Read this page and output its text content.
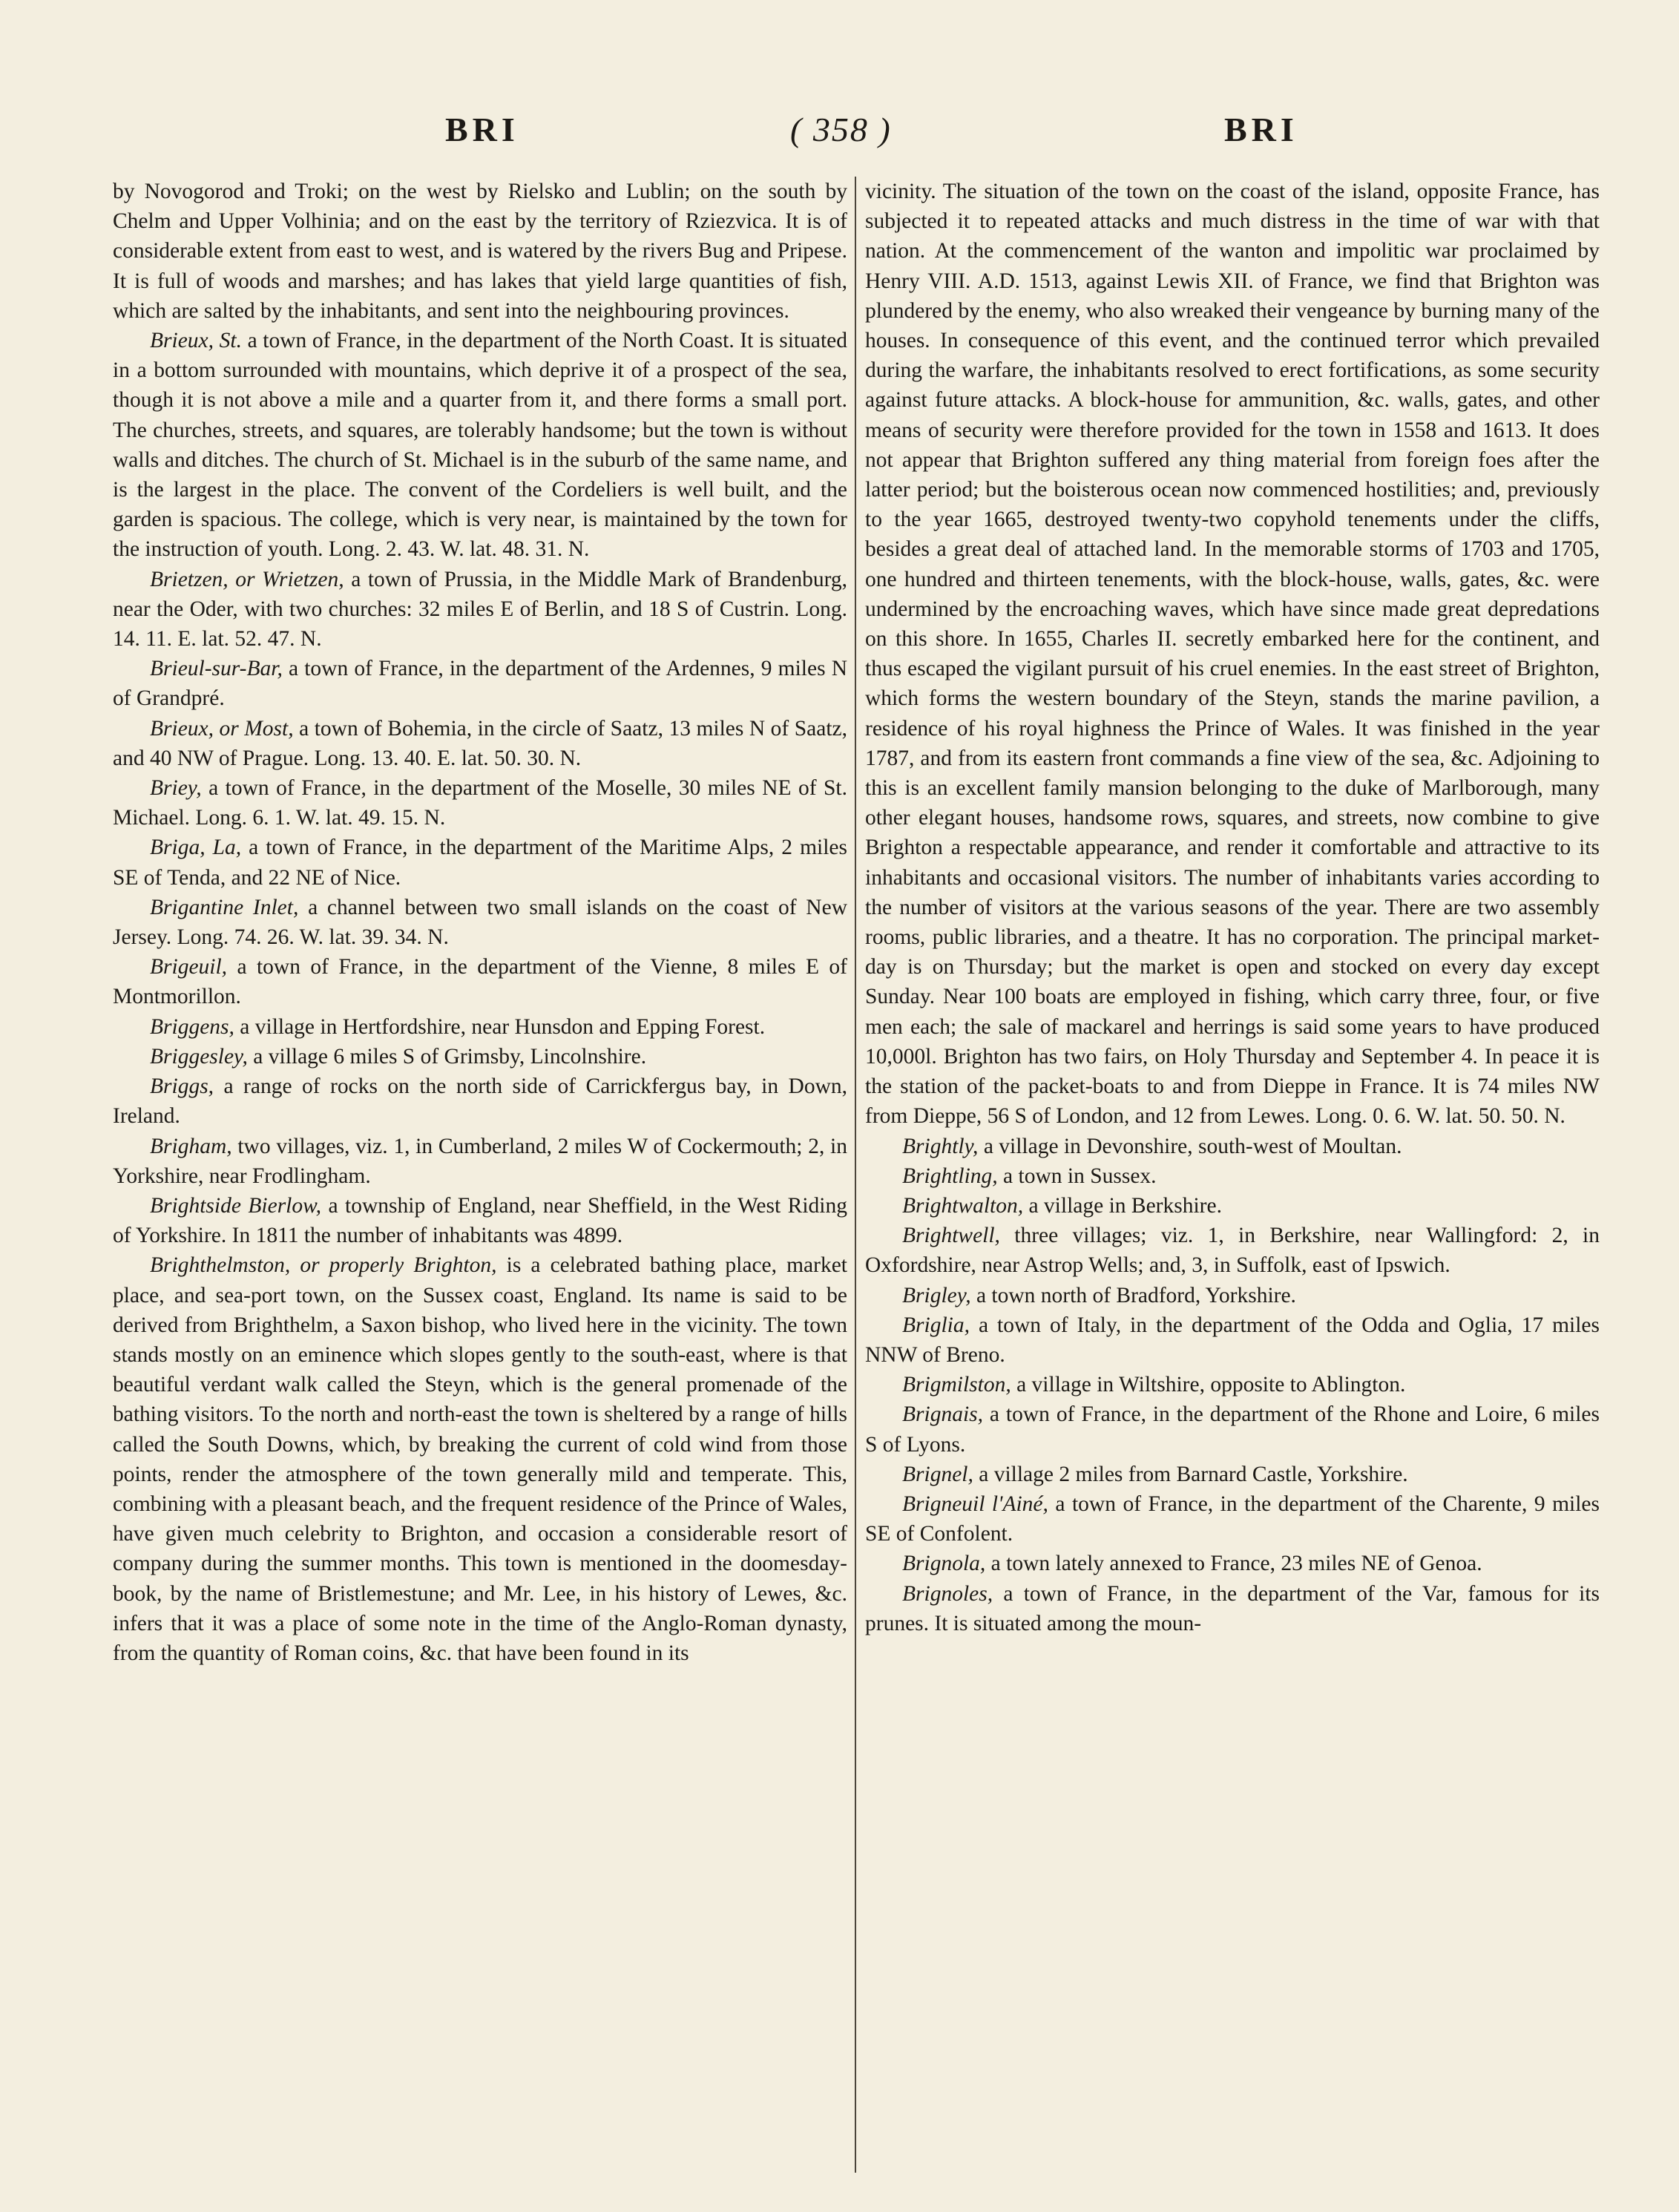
BRI	( 358 )	BRI

by Novogorod and Troki; on the west by Rielsko and Lublin; on the south by Chelm and Upper Volhinia; and on the east by the territory of Rziezvica. It is of considerable extent from east to west, and is watered by the rivers Bug and Pripese. It is full of woods and marshes; and has lakes that yield large quantities of fish, which are salted by the inhabitants, and sent into the neighbouring provinces.

Brieux, St. a town of France, in the department of the North Coast. It is situated in a bottom surrounded with mountains, which deprive it of a prospect of the sea, though it is not above a mile and a quarter from it, and there forms a small port. The churches, streets, and squares, are tolerably handsome; but the town is without walls and ditches. The church of St. Michael is in the suburb of the same name, and is the largest in the place. The convent of the Cordeliers is well built, and the garden is spacious. The college, which is very near, is maintained by the town for the instruction of youth. Long. 2. 43. W. lat. 48. 31. N.

Brietzen, or Wrietzen, a town of Prussia, in the Middle Mark of Brandenburg, near the Oder, with two churches: 32 miles E of Berlin, and 18 S of Custrin. Long. 14. 11. E. lat. 52. 47. N.

Brieul-sur-Bar, a town of France, in the department of the Ardennes, 9 miles N of Grandpré.

Brieux, or Most, a town of Bohemia, in the circle of Saatz, 13 miles N of Saatz, and 40 NW of Prague. Long. 13. 40. E. lat. 50. 30. N.

Briey, a town of France, in the department of the Moselle, 30 miles NE of St. Michael. Long. 6. 1. W. lat. 49. 15. N.

Briga, La, a town of France, in the department of the Maritime Alps, 2 miles SE of Tenda, and 22 NE of Nice.

Brigantine Inlet, a channel between two small islands on the coast of New Jersey. Long. 74. 26. W. lat. 39. 34. N.

Brigeuil, a town of France, in the department of the Vienne, 8 miles E of Montmorillon.

Briggens, a village in Hertfordshire, near Hunsdon and Epping Forest.

Briggesley, a village 6 miles S of Grimsby, Lincolnshire.

Briggs, a range of rocks on the north side of Carrickfergus bay, in Down, Ireland.

Brigham, two villages, viz. 1, in Cumberland, 2 miles W of Cockermouth; 2, in Yorkshire, near Frodlingham.

Brightside Bierlow, a township of England, near Sheffield, in the West Riding of Yorkshire. In 1811 the number of inhabitants was 4899.

Brighthelmston, or properly Brighton, is a celebrated bathing place, market place, and sea-port town, on the Sussex coast, England. Its name is said to be derived from Brighthelm, a Saxon bishop, who lived here in the vicinity. The town stands mostly on an eminence which slopes gently to the south-east, where is that beautiful verdant walk called the Steyn, which is the general promenade of the bathing visitors. To the north and north-east the town is sheltered by a range of hills called the South Downs, which, by breaking the current of cold wind from those points, render the atmosphere of the town generally mild and temperate. This, combining with a pleasant beach, and the frequent residence of the Prince of Wales, have given much celebrity to Brighton, and occasion a considerable resort of company during the summer months. This town is mentioned in the doomesday-book, by the name of Bristlemestune; and Mr. Lee, in his history of Lewes, &c. infers that it was a place of some note in the time of the Anglo-Roman dynasty, from the quantity of Roman coins, &c. that have been found in its

vicinity. The situation of the town on the coast of the island, opposite France, has subjected it to repeated attacks and much distress in the time of war with that nation. At the commencement of the wanton and impolitic war proclaimed by Henry VIII. A.D. 1513, against Lewis XII. of France, we find that Brighton was plundered by the enemy, who also wreaked their vengeance by burning many of the houses. In consequence of this event, and the continued terror which prevailed during the warfare, the inhabitants resolved to erect fortifications, as some security against future attacks. A block-house for ammunition, &c. walls, gates, and other means of security were therefore provided for the town in 1558 and 1613. It does not appear that Brighton suffered any thing material from foreign foes after the latter period; but the boisterous ocean now commenced hostilities; and, previously to the year 1665, destroyed twenty-two copyhold tenements under the cliffs, besides a great deal of attached land. In the memorable storms of 1703 and 1705, one hundred and thirteen tenements, with the block-house, walls, gates, &c. were undermined by the encroaching waves, which have since made great depredations on this shore. In 1655, Charles II. secretly embarked here for the continent, and thus escaped the vigilant pursuit of his cruel enemies. In the east street of Brighton, which forms the western boundary of the Steyn, stands the marine pavilion, a residence of his royal highness the Prince of Wales. It was finished in the year 1787, and from its eastern front commands a fine view of the sea, &c. Adjoining to this is an excellent family mansion belonging to the duke of Marlborough, many other elegant houses, handsome rows, squares, and streets, now combine to give Brighton a respectable appearance, and render it comfortable and attractive to its inhabitants and occasional visitors. The number of inhabitants varies according to the number of visitors at the various seasons of the year. There are two assembly rooms, public libraries, and a theatre. It has no corporation. The principal market-day is on Thursday; but the market is open and stocked on every day except Sunday. Near 100 boats are employed in fishing, which carry three, four, or five men each; the sale of mackarel and herrings is said some years to have produced 10,000l. Brighton has two fairs, on Holy Thursday and September 4. In peace it is the station of the packet-boats to and from Dieppe in France. It is 74 miles NW from Dieppe, 56 S of London, and 12 from Lewes. Long. 0. 6. W. lat. 50. 50. N.

Brightly, a village in Devonshire, south-west of Moultan.

Brightling, a town in Sussex.

Brightwalton, a village in Berkshire.

Brightwell, three villages; viz. 1, in Berkshire, near Wallingford: 2, in Oxfordshire, near Astrop Wells; and, 3, in Suffolk, east of Ipswich.

Brigley, a town north of Bradford, Yorkshire.

Briglia, a town of Italy, in the department of the Odda and Oglia, 17 miles NNW of Breno.

Brigmilston, a village in Wiltshire, opposite to Ablington.

Brignais, a town of France, in the department of the Rhone and Loire, 6 miles S of Lyons.

Brignel, a village 2 miles from Barnard Castle, Yorkshire.

Brigneuil l'Ainé, a town of France, in the department of the Charente, 9 miles SE of Confolent.

Brignola, a town lately annexed to France, 23 miles NE of Genoa.

Brignoles, a town of France, in the department of the Var, famous for its prunes. It is situated among the moun-
